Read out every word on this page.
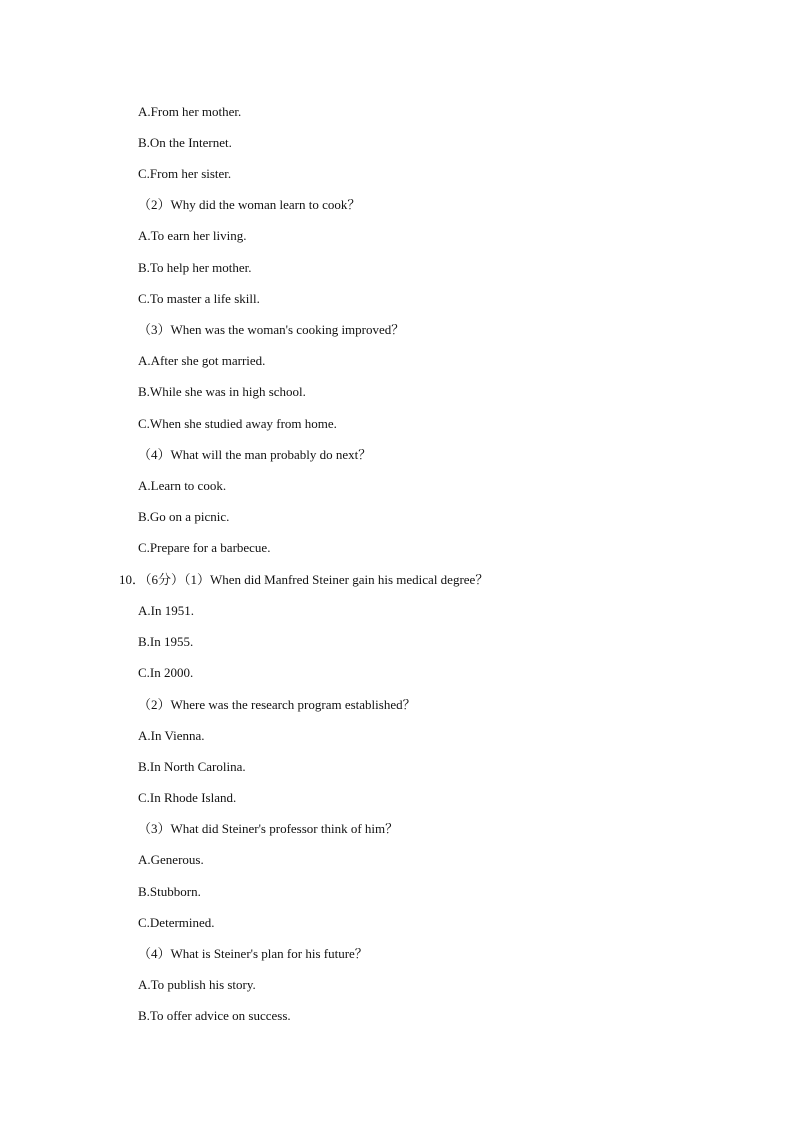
A.From her mother.
B.On the Internet.
C.From her sister.
（2）Why did the woman learn to cook？
A.To earn her living.
B.To help her mother.
C.To master a life skill.
（3）When was the woman's cooking improved？
A.After she got married.
B.While she was in high school.
C.When she studied away from home.
（4）What will the man probably do next？
A.Learn to cook.
B.Go on a picnic.
C.Prepare for a barbecue.
10．（6分）（1）When did Manfred Steiner gain his medical degree？
A.In 1951.
B.In 1955.
C.In 2000.
（2）Where was the research program established？
A.In Vienna.
B.In North Carolina.
C.In Rhode Island.
（3）What did Steiner's professor think of him？
A.Generous.
B.Stubborn.
C.Determined.
（4）What is Steiner's plan for his future？
A.To publish his story.
B.To offer advice on success.
